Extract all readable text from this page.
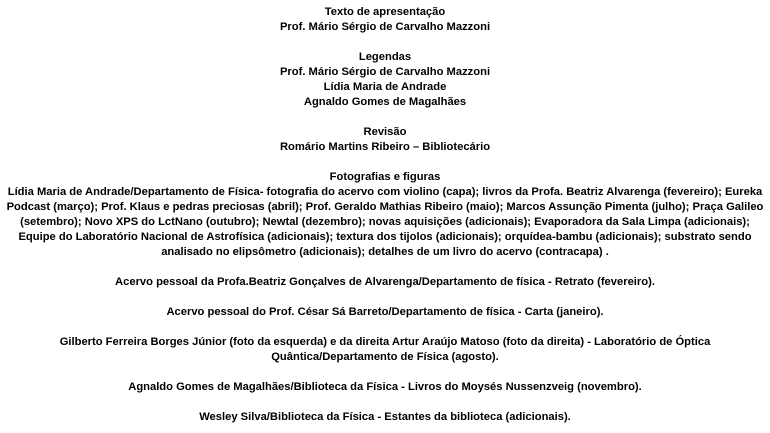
Texto de apresentação
Prof. Mário Sérgio de Carvalho Mazzoni
Legendas
Prof. Mário Sérgio de Carvalho Mazzoni
Lídia Maria de Andrade
Agnaldo Gomes de Magalhães
Revisão
Romário Martins Ribeiro – Bibliotecário
Fotografias e figuras
Lídia Maria de Andrade/Departamento de Física- fotografia do acervo com violino (capa); livros da Profa. Beatriz Alvarenga (fevereiro); Eureka Podcast (março); Prof. Klaus e pedras preciosas (abril); Prof. Geraldo Mathias Ribeiro (maio); Marcos Assunção Pimenta (julho); Praça Galileo (setembro); Novo XPS do LctNano (outubro); Newtal (dezembro); novas aquisições (adicionais); Evaporadora da Sala Limpa (adicionais); Equipe do Laboratório Nacional de Astrofísica (adicionais); textura dos tijolos (adicionais); orquídea-bambu (adicionais); substrato sendo analisado no elipsômetro (adicionais); detalhes de um livro do acervo (contracapa) .
Acervo pessoal da Profa.Beatriz Gonçalves de Alvarenga/Departamento de física - Retrato (fevereiro).
Acervo pessoal do Prof. César Sá Barreto/Departamento de física - Carta (janeiro).
Gilberto Ferreira Borges Júnior (foto da esquerda) e da direita Artur Araújo Matoso (foto da direita) - Laboratório de Óptica Quântica/Departamento de Física (agosto).
Agnaldo Gomes de Magalhães/Biblioteca da Física - Livros do Moysés Nussenzveig (novembro).
Wesley Silva/Biblioteca da Física - Estantes da biblioteca (adicionais).
